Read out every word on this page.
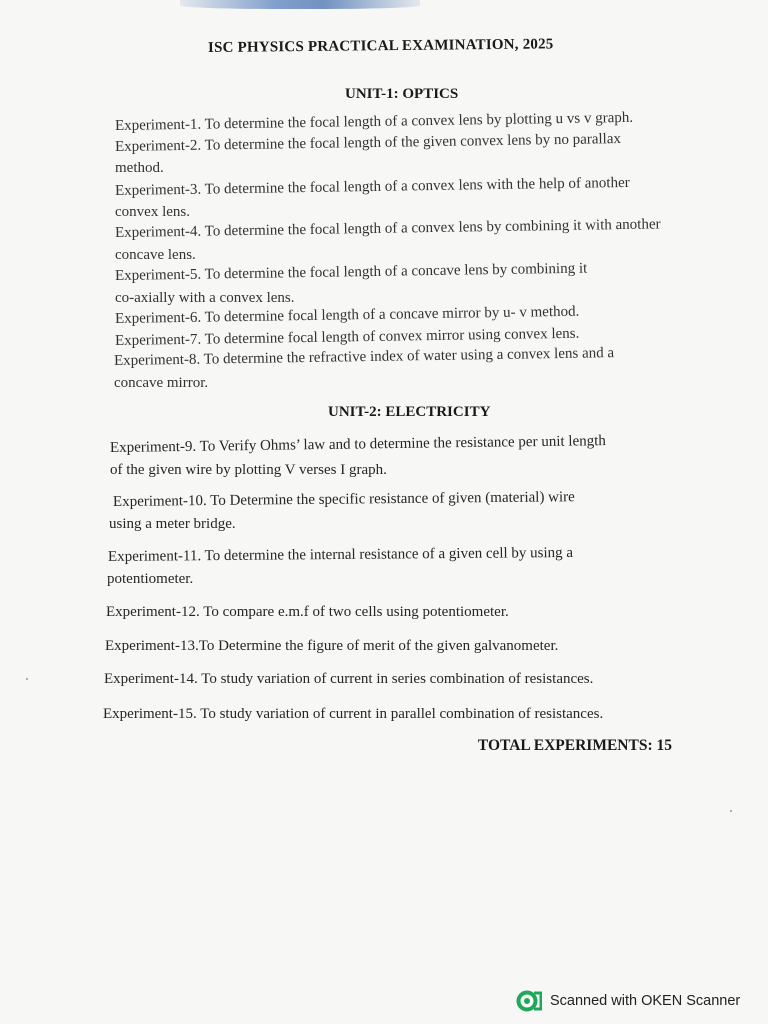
ISC PHYSICS PRACTICAL EXAMINATION, 2025
UNIT-1: OPTICS
Experiment-1. To determine the focal length of a convex lens by plotting u vs v graph.
Experiment-2. To determine the focal length of the given convex lens by no parallax
method.
Experiment-3. To determine the focal length of a convex lens with the help of another
convex lens.
Experiment-4. To determine the focal length of a convex lens by combining it with another
concave lens.
Experiment-5. To determine the focal length of a concave lens by combining it
co-axially with a convex lens.
Experiment-6. To determine focal length of a concave mirror by u- v method.
Experiment-7. To determine focal length of convex mirror using convex lens.
Experiment-8. To determine the refractive index of water using a convex lens and a
concave mirror.
UNIT-2: ELECTRICITY
Experiment-9. To Verify Ohms’ law and to determine the resistance per unit length
of the given wire by plotting V verses I graph.
Experiment-10. To Determine the specific resistance of given (material) wire
using a meter bridge.
Experiment-11. To determine the internal resistance of a given cell by using a
potentiometer.
Experiment-12. To compare e.m.f of two cells using potentiometer.
Experiment-13.To Determine the figure of merit of the given galvanometer.
Experiment-14. To study variation of current in series combination of resistances.
Experiment-15. To study variation of current in parallel combination of resistances.
TOTAL EXPERIMENTS: 15
Scanned with OKEN Scanner
